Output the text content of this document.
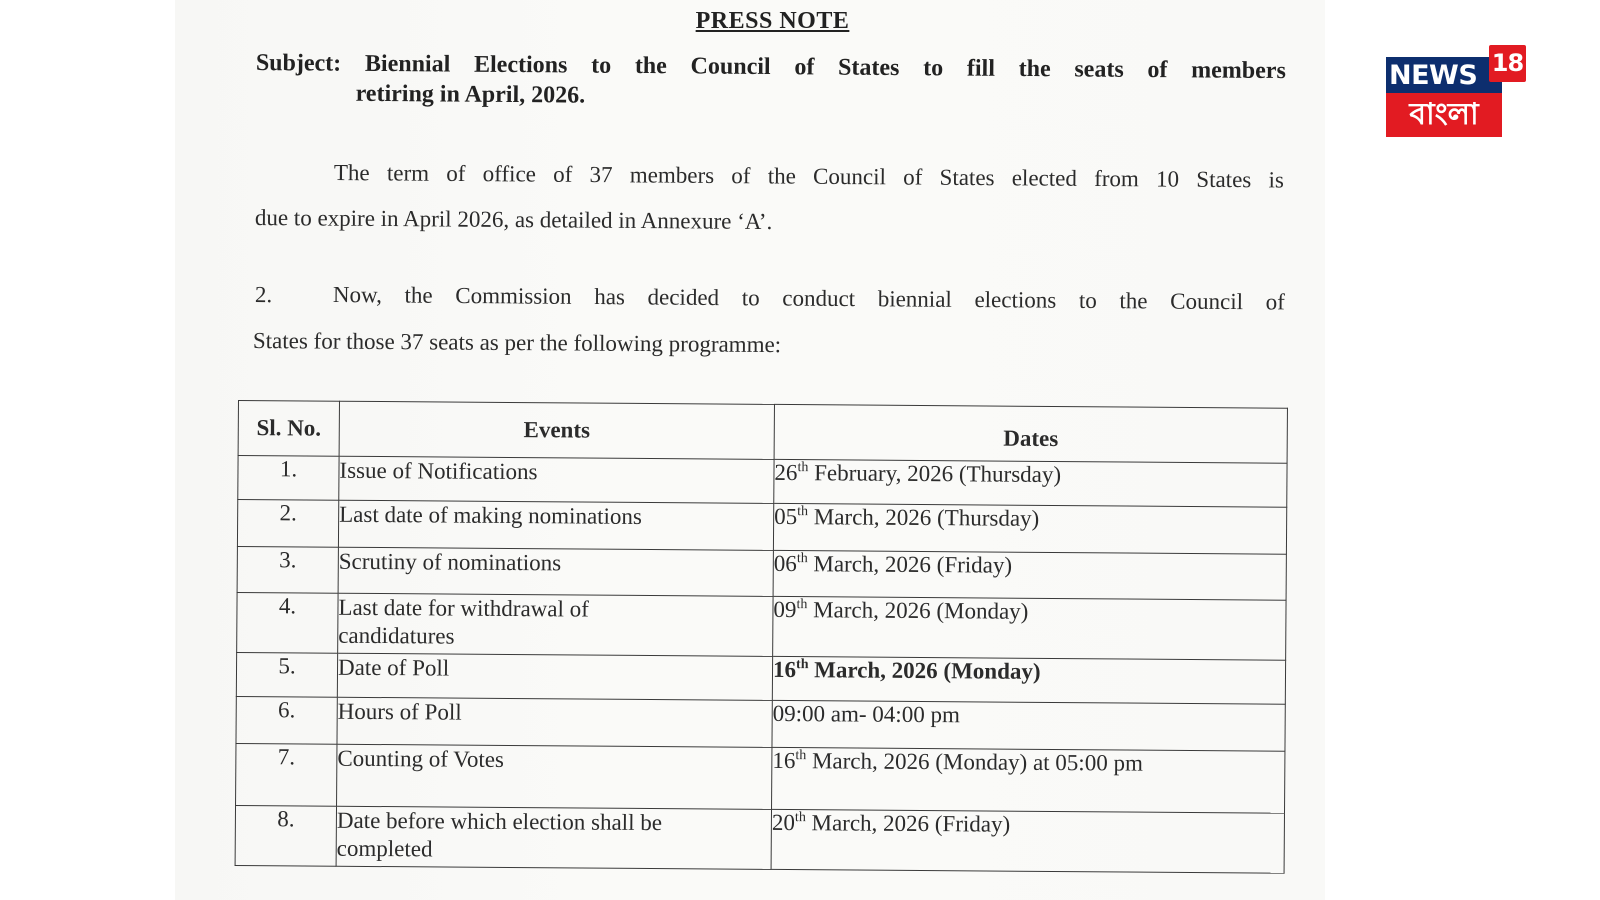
PRESS NOTE
Subject: Biennial Elections to the Council of States to fill the seats of members
retiring in April, 2026.
The term of office of 37 members of the Council of States elected from 10 States is
due to expire in April 2026, as detailed in Annexure ‘A’.
2.	Now, the Commission has decided to conduct biennial elections to the Council of
States for those 37 seats as per the following programme:
Sl. No.	Events	Dates
1.	Issue of Notifications	26th February, 2026 (Thursday)
2.	Last date of making nominations	05th March, 2026 (Thursday)
3.	Scrutiny of nominations	06th March, 2026 (Friday)
4.	Last date for withdrawal of candidatures	09th March, 2026 (Monday)
5.	Date of Poll	16th March, 2026 (Monday)
6.	Hours of Poll	09:00 am- 04:00 pm
7.	Counting of Votes	16th March, 2026 (Monday) at 05:00 pm
8.	Date before which election shall be completed	20th March, 2026 (Friday)
NEWS 18
বাংলা
